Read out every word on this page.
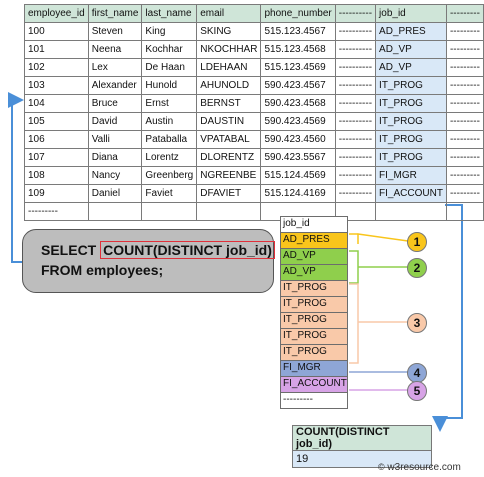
employee_id	first_name	last_name	email	phone_number	----------	job_id	---------
100	Steven	King	SKING	515.123.4567	----------	AD_PRES	---------
101	Neena	Kochhar	NKOCHHAR	515.123.4568	----------	AD_VP	---------
102	Lex	De Haan	LDEHAAN	515.123.4569	----------	AD_VP	---------
103	Alexander	Hunold	AHUNOLD	590.423.4567	----------	IT_PROG	---------
104	Bruce	Ernst	BERNST	590.423.4568	----------	IT_PROG	---------
105	David	Austin	DAUSTIN	590.423.4569	----------	IT_PROG	---------
106	Valli	Pataballa	VPATABAL	590.423.4560	----------	IT_PROG	---------
107	Diana	Lorentz	DLORENTZ	590.423.5567	----------	IT_PROG	---------
108	Nancy	Greenberg	NGREENBE	515.124.4569	----------	FI_MGR	---------
109	Daniel	Faviet	DFAVIET	515.124.4169	----------	FI_ACCOUNT	---------
---------							
SELECT COUNT(DISTINCT job_id)
FROM employees;
job_id
AD_PRES
AD_VP
AD_VP
IT_PROG
IT_PROG
IT_PROG
IT_PROG
IT_PROG
FI_MGR
FI_ACCOUNT
---------
1
2
3
4
5
COUNT(DISTINCT job_id)
19
© w3resource.com
